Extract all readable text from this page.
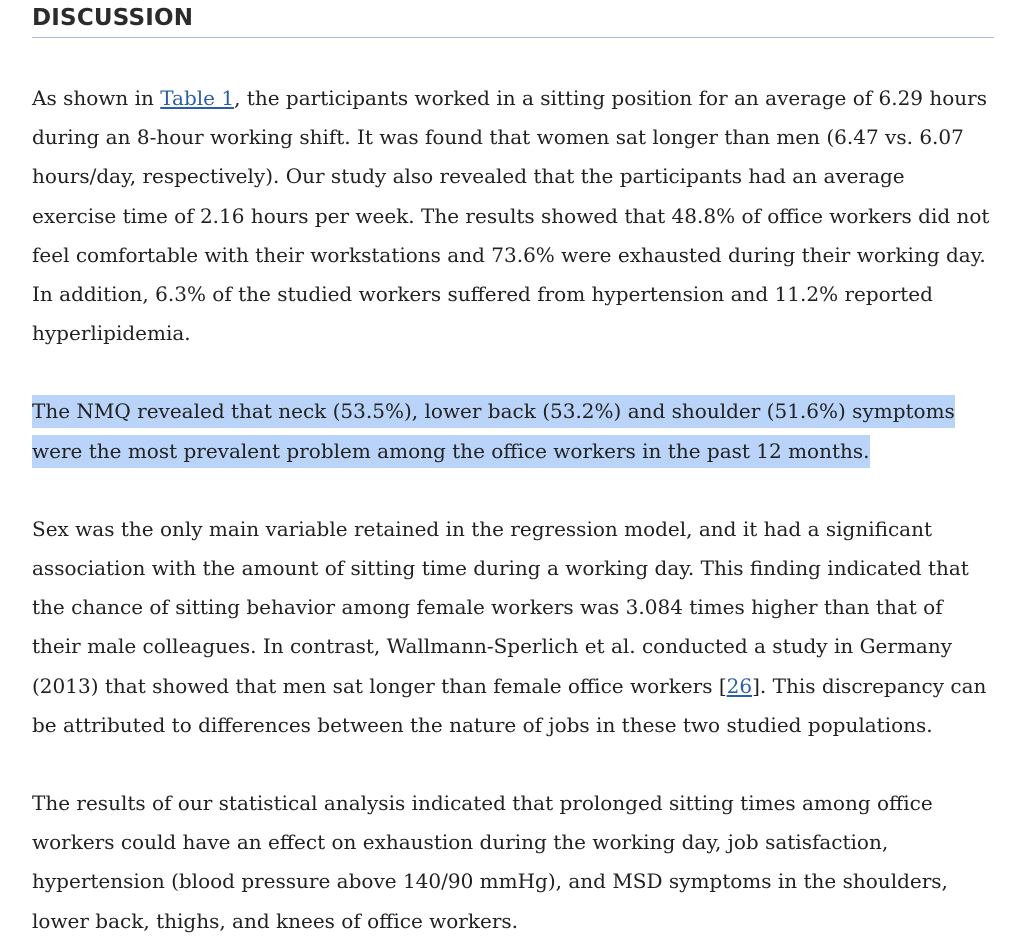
DISCUSSION

As shown in Table 1, the participants worked in a sitting position for an average of 6.29 hours during an 8-hour working shift. It was found that women sat longer than men (6.47 vs. 6.07 hours/day, respectively). Our study also revealed that the participants had an average exercise time of 2.16 hours per week. The results showed that 48.8% of office workers did not feel comfortable with their workstations and 73.6% were exhausted during their working day. In addition, 6.3% of the studied workers suffered from hypertension and 11.2% reported hyperlipidemia.

The NMQ revealed that neck (53.5%), lower back (53.2%) and shoulder (51.6%) symptoms were the most prevalent problem among the office workers in the past 12 months.

Sex was the only main variable retained in the regression model, and it had a significant association with the amount of sitting time during a working day. This finding indicated that the chance of sitting behavior among female workers was 3.084 times higher than that of their male colleagues. In contrast, Wallmann-Sperlich et al. conducted a study in Germany (2013) that showed that men sat longer than female office workers [26]. This discrepancy can be attributed to differences between the nature of jobs in these two studied populations.

The results of our statistical analysis indicated that prolonged sitting times among office workers could have an effect on exhaustion during the working day, job satisfaction, hypertension (blood pressure above 140/90 mmHg), and MSD symptoms in the shoulders, lower back, thighs, and knees of office workers.
